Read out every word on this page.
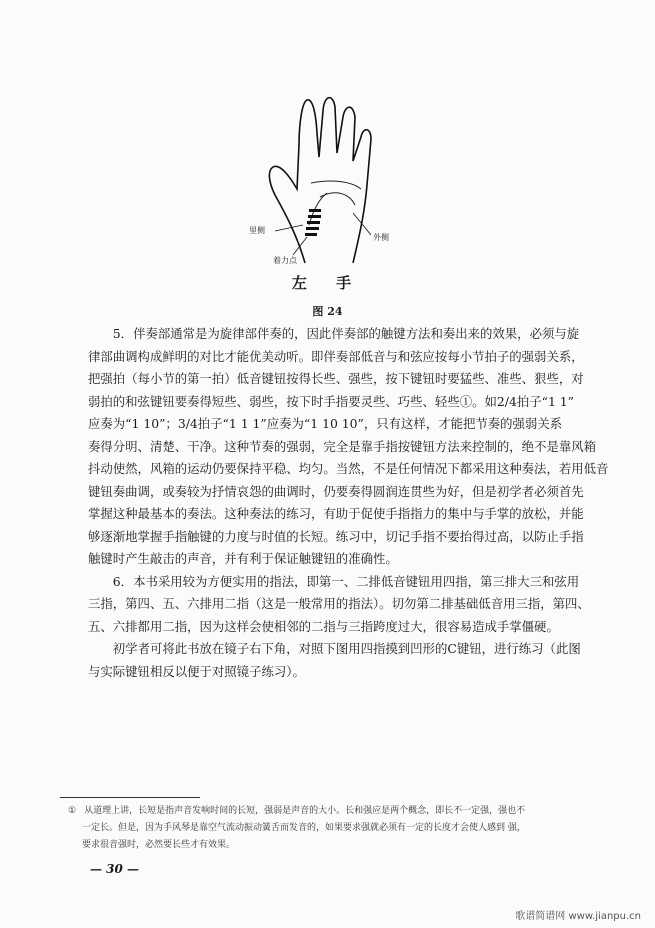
里侧
外侧
着力点
左 手
图 24
5．伴奏部通常是为旋律部伴奏的，因此伴奏部的触键方法和奏出来的效果，必须与旋
律部曲调构成鲜明的对比才能优美动听。即伴奏部低音与和弦应按每小节拍子的强弱关系，
把强拍（每小节的第一拍）低音键钮按得长些、强些，按下键钮时要猛些、准些、狠些，对
弱拍的和弦键钮要奏得短些、弱些，按下时手指要灵些、巧些、轻些①。如2/4拍子“1 1”
应奏为“1 10”；3/4拍子“1 1 1”应奏为“1 10 10”，只有这样，才能把节奏的强弱关系
奏得分明、清楚、干净。这种节奏的强弱，完全是靠手指按键钮方法来控制的，绝不是靠风箱
抖动使然，风箱的运动仍要保持平稳、均匀。当然，不是任何情况下都采用这种奏法，若用低音
键钮奏曲调，或奏较为抒情哀怨的曲调时，仍要奏得圆润连贯些为好，但是初学者必须首先
掌握这种最基本的奏法。这种奏法的练习，有助于促使手指指力的集中与手掌的放松，并能
够逐渐地掌握手指触键的力度与时值的长短。练习中，切记手指不要抬得过高，以防止手指
触键时产生敲击的声音，并有利于保证触键钮的准确性。
6．本书采用较为方便实用的指法，即第一、二排低音键钮用四指，第三排大三和弦用
三指，第四、五、六排用二指（这是一般常用的指法）。切勿第二排基础低音用三指，第四、
五、六排都用二指，因为这样会使相邻的二指与三指跨度过大，很容易造成手掌僵硬。
初学者可将此书放在镜子右下角，对照下图用四指摸到凹形的C键钮，进行练习（此图
与实际键钮相反以便于对照镜子练习）。
① 从道理上讲，长短是指声音发响时间的长短，强弱是声音的大小。长和强应是两个概念，即长不一定强，强也不
一定长。但是，因为手风琴是靠空气流动振动簧舌而发音的，如果要求强就必须有一定的长度才会使人感到 强，
要求很音强时，必然要长些才有效果。
— 30 —
歌谱简谱网 www.jianpu.cn
